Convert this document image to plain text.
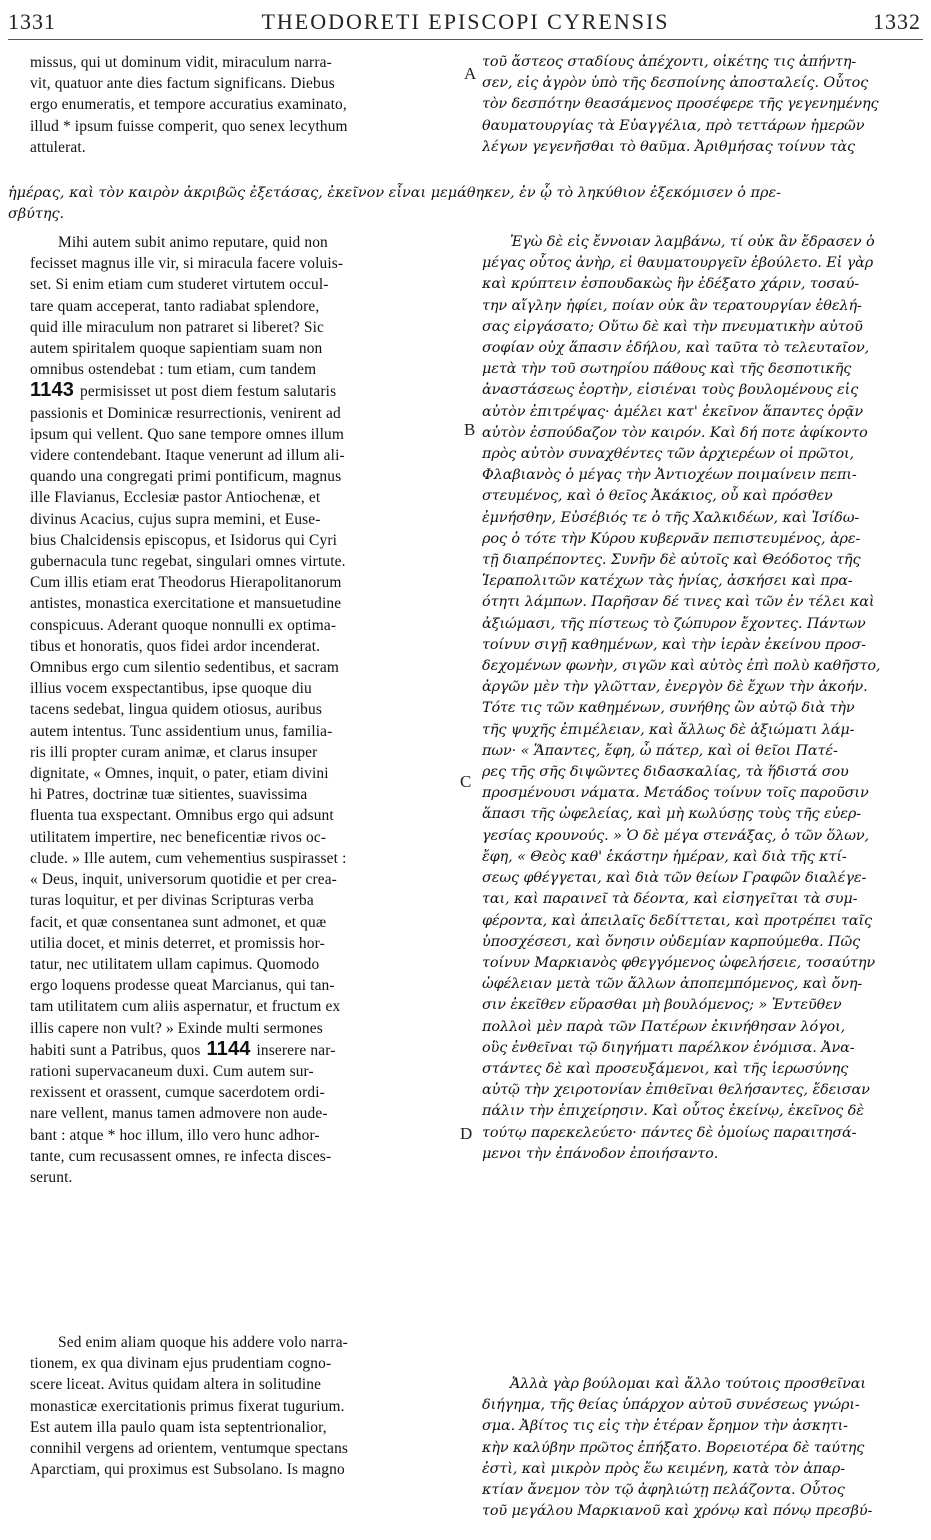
1331	THEODORETI EPISCOPI CYRENSIS	1332
missus, qui ut dominum vidit, miraculum narra-
vit, quatuor ante dies factum significans. Diebus
ergo enumeratis, et tempore accuratius examinato,
illud * ipsum fuisse comperit, quo senex lecythum
attulerat.
τοῦ ἄστεος σταδίους ἀπέχοντι, οἰκέτης τις ἀπήντη-
σεν, εἰς ἀγρὸν ὑπὸ τῆς δεσποίνης ἀποσταλείς. Οὗτος
τὸν δεσπότην θεασάμενος προσέφερε τῆς γεγενημένης
θαυματουργίας τὰ Εὐαγγέλια, πρὸ τεττάρων ἡμερῶν
λέγων γεγενῆσθαι τὸ θαῦμα. Ἀριθμήσας τοίνυν τὰς
ἡμέρας, καὶ τὸν καιρὸν ἀκριβῶς ἐξετάσας, ἐκεῖνον εἶναι μεμάθηκεν, ἐν ᾧ τὸ ληκύθιον ἐξεκόμισεν ὁ πρε-
σβύτης.
Mihi autem subit animo reputare, quid non
fecisset magnus ille vir, si miracula facere voluis-
set. Si enim etiam cum studeret virtutem occul-
tare quam acceperat, tanto radiabat splendore,
quid ille miraculum non patraret si liberet? Sic
autem spiritalem quoque sapientiam suam non
omnibus ostendebat : tum etiam, cum tandem
1143 permisisset ut post diem festum salutaris
passionis et Dominicæ resurrectionis, venirent ad
ipsum qui vellent. Quo sane tempore omnes illum
videre contendebant. Itaque venerunt ad illum ali-
quando una congregati primi pontificum, magnus
ille Flavianus, Ecclesiæ pastor Antiochenæ, et
divinus Acacius, cujus supra memini, et Euse-
bius Chalcidensis episcopus, et Isidorus qui Cyri
gubernacula tunc regebat, singulari omnes virtute.
Cum illis etiam erat Theodorus Hierapolitanorum
antistes, monastica exercitatione et mansuetudine
conspicuus. Aderant quoque nonnulli ex optima-
tibus et honoratis, quos fidei ardor incenderat.
Omnibus ergo cum silentio sedentibus, et sacram
illius vocem exspectantibus, ipse quoque diu
tacens sedebat, lingua quidem otiosus, auribus
autem intentus. Tunc assidentium unus, familia-
ris illi propter curam animæ, et clarus insuper
dignitate, « Omnes, inquit, o pater, etiam divini
hi Patres, doctrinæ tuæ sitientes, suavissima
fluenta tua exspectant. Omnibus ergo qui adsunt
utilitatem impertire, nec beneficentiæ rivos oc-
clude. » Ille autem, cum vehementius suspirasset :
« Deus, inquit, universorum quotidie et per crea-
turas loquitur, et per divinas Scripturas verba
facit, et quæ consentanea sunt admonet, et quæ
utilia docet, et minis deterret, et promissis hor-
tatur, nec utilitatem ullam capimus. Quomodo
ergo loquens prodesse queat Marcianus, qui tan-
tam utilitatem cum aliis aspernatur, et fructum ex
illis capere non vult? » Exinde multi sermones
habiti sunt a Patribus, quos 1144 inserere nar-
rationi supervacaneum duxi. Cum autem sur-
rexissent et orassent, cumque sacerdotem ordi-
nare vellent, manus tamen admovere non aude-
bant : atque * hoc illum, illo vero hunc adhor-
tante, cum recusassent omnes, re infecta disces-
serunt.
Ἐγὼ δὲ εἰς ἔννοιαν λαμβάνω, τί οὐκ ἂν ἔδρασεν ὁ
μέγας οὗτος ἀνὴρ, εἰ θαυματουργεῖν ἐβούλετο. Εἰ γὰρ
καὶ κρύπτειν ἐσπουδακὼς ἣν ἐδέξατο χάριν, τοσαύ-
την αἴγλην ἠφίει, ποίαν οὐκ ἂν τερατουργίαν ἐθελή-
σας εἰργάσατο; Οὕτω δὲ καὶ τὴν πνευματικὴν αὐτοῦ
σοφίαν οὐχ ἅπασιν ἐδήλου, καὶ ταῦτα τὸ τελευταῖον,
μετὰ τὴν τοῦ σωτηρίου πάθους καὶ τῆς δεσποτικῆς
ἀναστάσεως ἑορτὴν, εἰσιέναι τοὺς βουλομένους εἰς
αὐτὸν ἐπιτρέψας· ἀμέλει κατ' ἐκεῖνον ἅπαντες ὁρᾷν
αὐτὸν ἐσπούδαζον τὸν καιρόν. Καὶ δή ποτε ἀφίκοντο
πρὸς αὐτὸν συναχθέντες τῶν ἀρχιερέων οἱ πρῶτοι,
Φλαβιανὸς ὁ μέγας τὴν Ἀντιοχέων ποιμαίνειν πεπι-
στευμένος, καὶ ὁ θεῖος Ἀκάκιος, οὗ καὶ πρόσθεν
ἐμνήσθην, Εὐσέβιός τε ὁ τῆς Χαλκιδέων, καὶ Ἰσίδω-
ρος ὁ τότε τὴν Κύρου κυβερνᾶν πεπιστευμένος, ἀρε-
τῇ διαπρέποντες. Συνῆν δὲ αὐτοῖς καὶ Θεόδοτος τῆς
Ἱεραπολιτῶν κατέχων τὰς ἡνίας, ἀσκήσει καὶ πρα-
ότητι λάμπων. Παρῆσαν δέ τινες καὶ τῶν ἐν τέλει καὶ
ἀξιώμασι, τῆς πίστεως τὸ ζώπυρον ἔχοντες. Πάντων
τοίνυν σιγῇ καθημένων, καὶ τὴν ἱερὰν ἐκείνου προσ-
δεχομένων φωνὴν, σιγῶν καὶ αὐτὸς ἐπὶ πολὺ καθῆστο,
ἀργῶν μὲν τὴν γλῶτταν, ἐνεργὸν δὲ ἔχων τὴν ἀκοήν.
Τότε τις τῶν καθημένων, συνήθης ὢν αὐτῷ διὰ τὴν
τῆς ψυχῆς ἐπιμέλειαν, καὶ ἄλλως δὲ ἀξιώματι λάμ-
πων· « Ἅπαντες, ἔφη, ὦ πάτερ, καὶ οἱ θεῖοι Πατέ-
ρες τῆς σῆς διψῶντες διδασκαλίας, τὰ ἥδιστά σου
προσμένουσι νάματα. Μετάδος τοίνυν τοῖς παροῦσιν
ἅπασι τῆς ὠφελείας, καὶ μὴ κωλύσῃς τοὺς τῆς εὐερ-
γεσίας κρουνούς. » Ὁ δὲ μέγα στενάξας, ὁ τῶν ὅλων,
ἔφη, « Θεὸς καθ' ἑκάστην ἡμέραν, καὶ διὰ τῆς κτί-
σεως φθέγγεται, καὶ διὰ τῶν θείων Γραφῶν διαλέγε-
ται, καὶ παραινεῖ τὰ δέοντα, καὶ εἰσηγεῖται τὰ συμ-
φέροντα, καὶ ἀπειλαῖς δεδίττεται, καὶ προτρέπει ταῖς
ὑποσχέσεσι, καὶ ὄνησιν οὐδεμίαν καρπούμεθα. Πῶς
τοίνυν Μαρκιανὸς φθεγγόμενος ὠφελήσειε, τοσαύτην
ὠφέλειαν μετὰ τῶν ἄλλων ἀποπεμπόμενος, καὶ ὄνη-
σιν ἐκεῖθεν εὕρασθαι μὴ βουλόμενος; » Ἐντεῦθεν
πολλοὶ μὲν παρὰ τῶν Πατέρων ἐκινήθησαν λόγοι,
οὓς ἐνθεῖναι τῷ διηγήματι παρέλκον ἐνόμισα. Ἀνα-
στάντες δὲ καὶ προσευξάμενοι, καὶ τῆς ἱερωσύνης
αὐτῷ τὴν χειροτονίαν ἐπιθεῖναι θελήσαντες, ἔδεισαν
πάλιν τὴν ἐπιχείρησιν. Καὶ οὗτος ἐκείνῳ, ἐκεῖνος δὲ
τούτῳ παρεκελεύετο· πάντες δὲ ὁμοίως παραιτησά-
μενοι τὴν ἐπάνοδον ἐποιήσαντο.
Sed enim aliam quoque his addere volo narra-
tionem, ex qua divinam ejus prudentiam cogno-
scere liceat. Avitus quidam altera in solitudine
monasticæ exercitationis primus fixerat tugurium.
Est autem illa paulo quam ista septentrionalior,
connihil vergens ad orientem, ventumque spectans
Aparctiam, qui proximus est Subsolano. Is magno
Ἀλλὰ γὰρ βούλομαι καὶ ἄλλο τούτοις προσθεῖναι
διήγημα, τῆς θείας ὑπάρχον αὐτοῦ συνέσεως γνώρι-
σμα. Ἀβίτος τις εἰς τὴν ἑτέραν ἔρημον τὴν ἀσκητι-
κὴν καλύβην πρῶτος ἐπήξατο. Βορειοτέρα δὲ ταύτης
ἐστὶ, καὶ μικρὸν πρὸς ἕω κειμένη, κατὰ τὸν ἀπαρ-
κτίαν ἄνεμον τὸν τῷ ἀφηλιώτῃ πελάζοντα. Οὗτος
τοῦ μεγάλου Μαρκιανοῦ καὶ χρόνῳ καὶ πόνῳ πρεσβύ-
A
B
C
D
